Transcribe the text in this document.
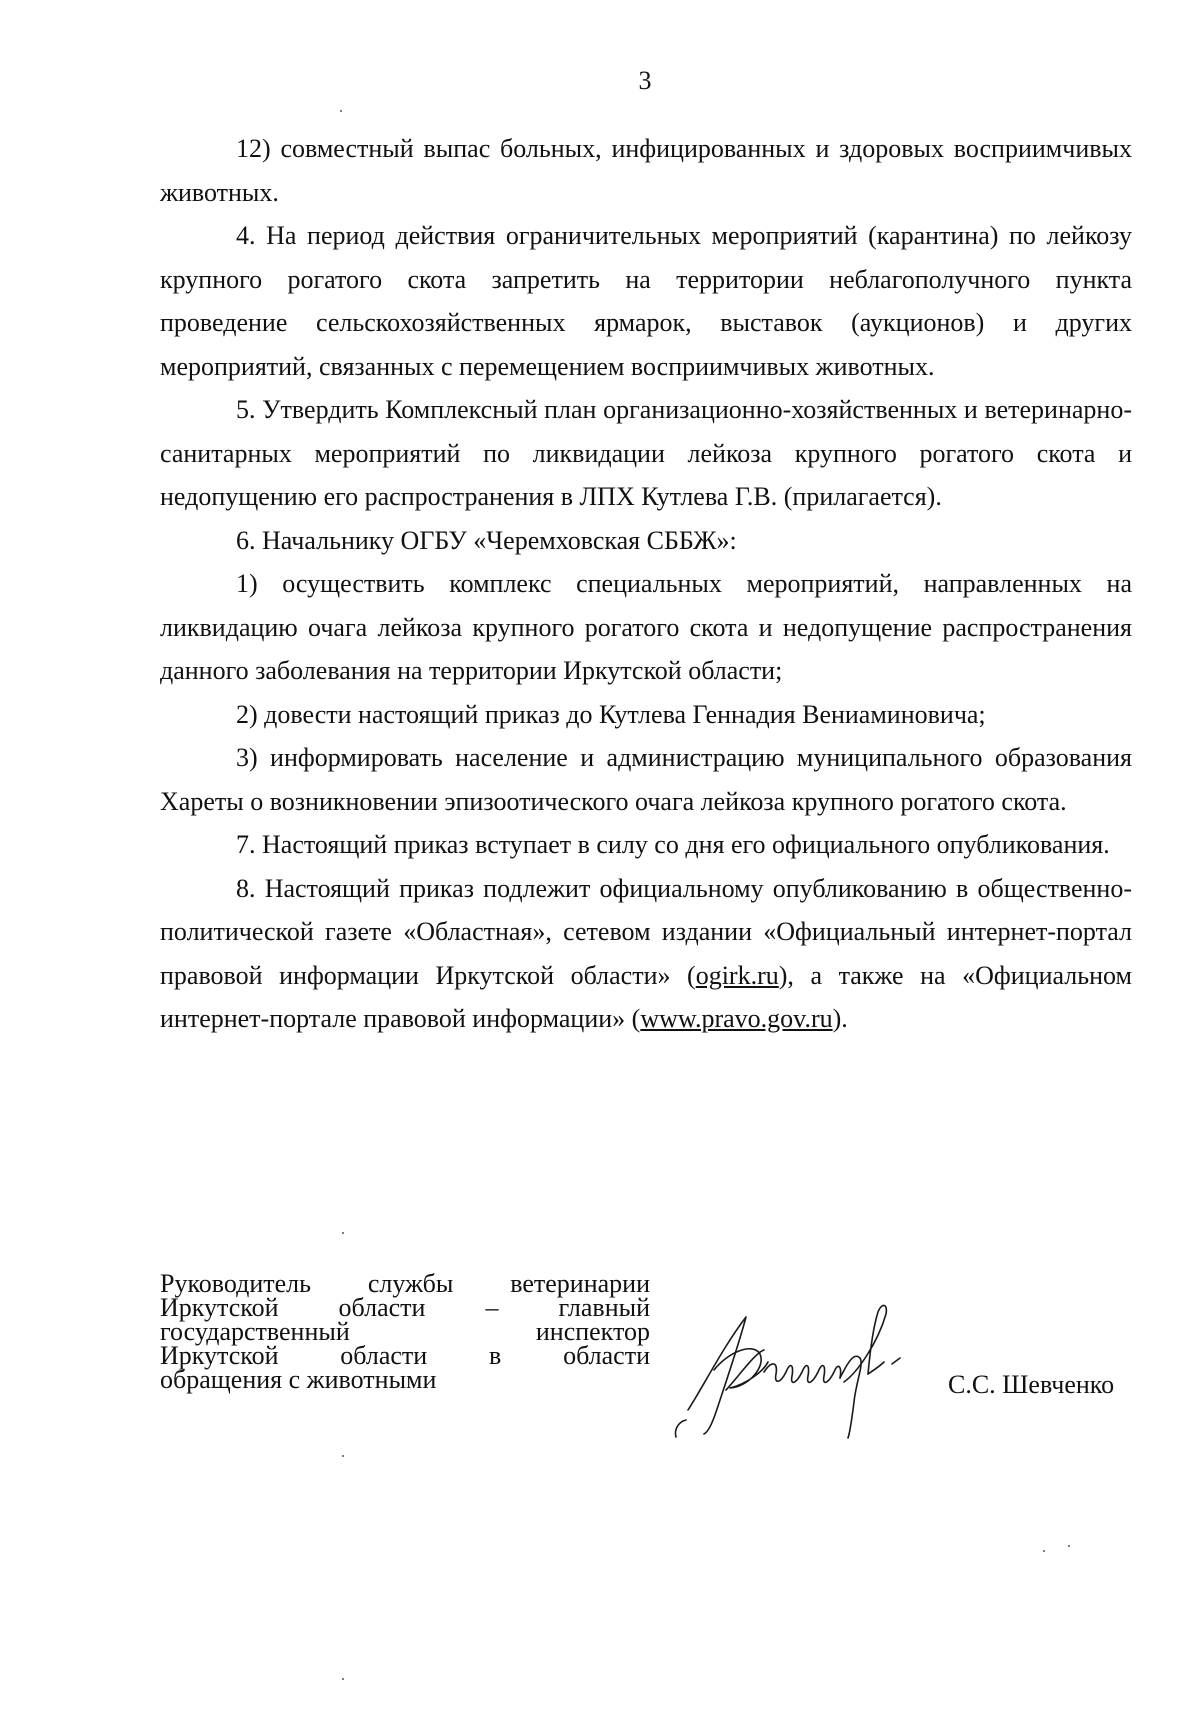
3

12) совместный выпас больных, инфицированных и здоровых восприимчивых животных.

4. На период действия ограничительных мероприятий (карантина) по лейкозу крупного рогатого скота запретить на территории неблагополучного пункта проведение сельскохозяйственных ярмарок, выставок (аукционов) и других мероприятий, связанных с перемещением восприимчивых животных.

5. Утвердить Комплексный план организационно-хозяйственных и ветеринарно-санитарных мероприятий по ликвидации лейкоза крупного рогатого скота и недопущению его распространения в ЛПХ Кутлева Г.В. (прилагается).

6. Начальнику ОГБУ «Черемховская СББЖ»:

1) осуществить комплекс специальных мероприятий, направленных на ликвидацию очага лейкоза крупного рогатого скота и недопущение распространения данного заболевания на территории Иркутской области;

2) довести настоящий приказ до Кутлева Геннадия Вениаминовича;

3) информировать население и администрацию муниципального образования Хареты о возникновении эпизоотического очага лейкоза крупного рогатого скота.

7. Настоящий приказ вступает в силу со дня его официального опубликования.

8. Настоящий приказ подлежит официальному опубликованию в общественно-политической газете «Областная», сетевом издании «Официальный интернет-портал правовой информации Иркутской области» (ogirk.ru), а также на «Официальном интернет-портале правовой информации» (www.pravo.gov.ru).

Руководитель службы ветеринарии
Иркутской области – главный
государственный инспектор
Иркутской области в области
обращения с животными	С.С. Шевченко
